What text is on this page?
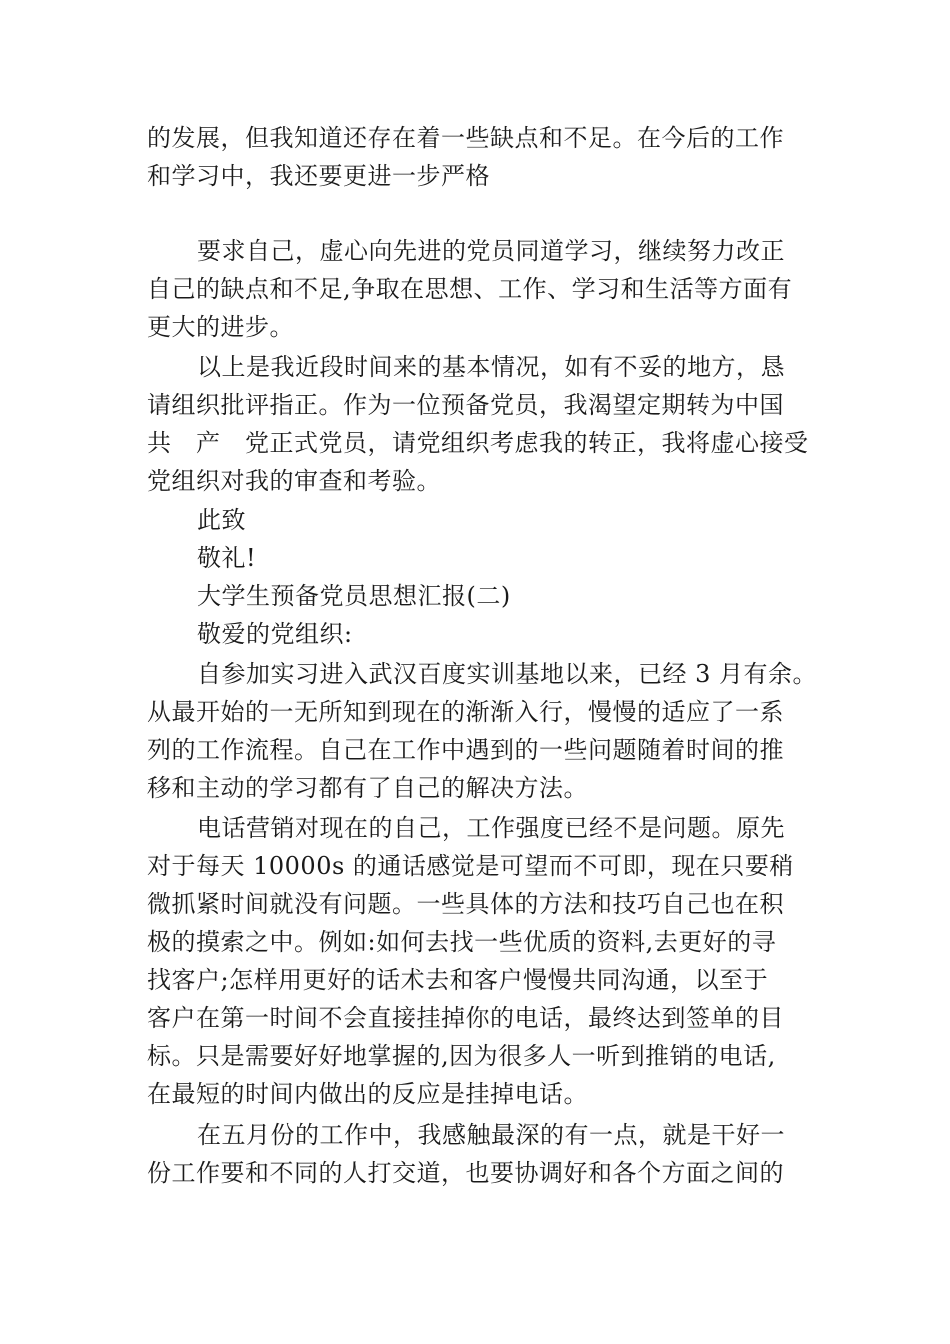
的发展，但我知道还存在着一些缺点和不足。在今后的工作
和学习中，我还要更进一步严格
要求自己，虚心向先进的党员同道学习，继续努力改正
自己的缺点和不足,争取在思想、工作、学习和生活等方面有
更大的进步。
以上是我近段时间来的基本情况，如有不妥的地方，恳
请组织批评指正。作为一位预备党员，我渴望定期转为中国
共　产　党正式党员，请党组织考虑我的转正，我将虚心接受
党组织对我的审查和考验。
此致
敬礼!
大学生预备党员思想汇报(二)
敬爱的党组织:
自参加实习进入武汉百度实训基地以来，已经 3 月有余。
从最开始的一无所知到现在的渐渐入行，慢慢的适应了一系
列的工作流程。自己在工作中遇到的一些问题随着时间的推
移和主动的学习都有了自己的解决方法。
电话营销对现在的自己，工作强度已经不是问题。原先
对于每天 10000s 的通话感觉是可望而不可即，现在只要稍
微抓紧时间就没有问题。一些具体的方法和技巧自己也在积
极的摸索之中。例如:如何去找一些优质的资料,去更好的寻
找客户;怎样用更好的话术去和客户慢慢共同沟通，以至于
客户在第一时间不会直接挂掉你的电话，最终达到签单的目
标。只是需要好好地掌握的,因为很多人一听到推销的电话,
在最短的时间内做出的反应是挂掉电话。
在五月份的工作中，我感触最深的有一点，就是干好一
份工作要和不同的人打交道，也要协调好和各个方面之间的
